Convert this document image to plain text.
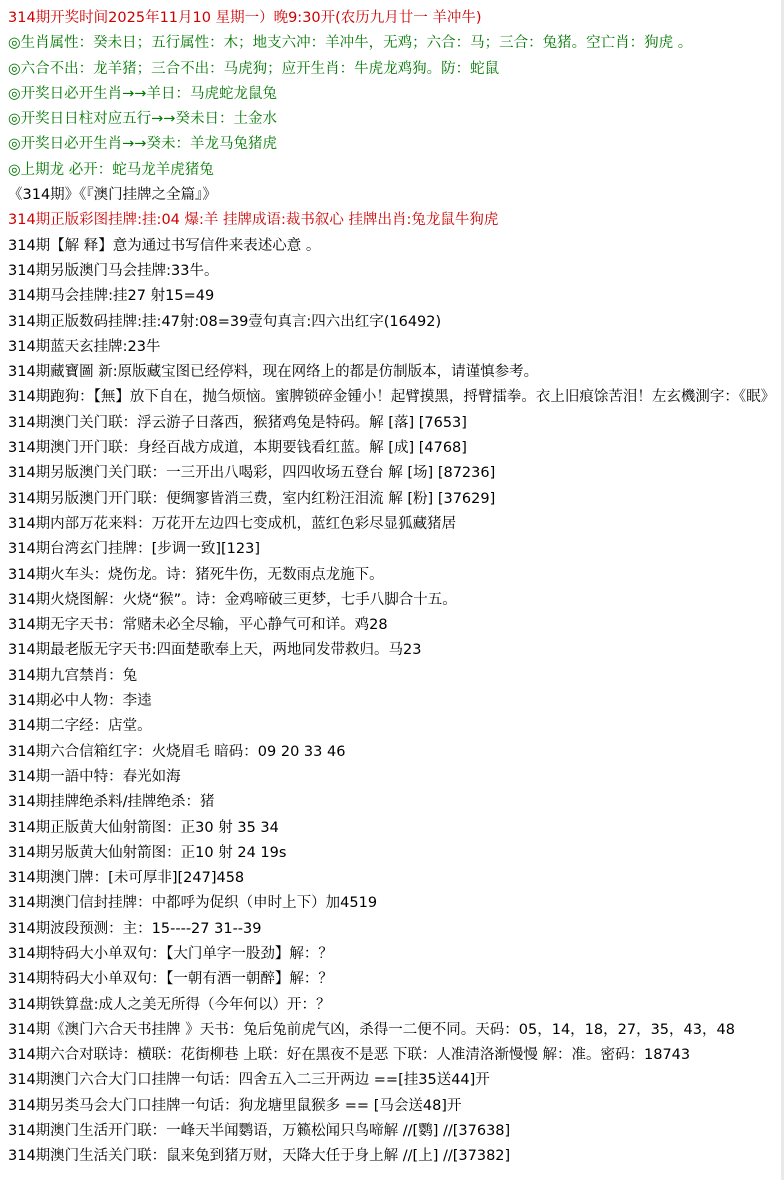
314期开奖时间2025年11月10 星期一）晚9:30开(农历九月廿一 羊冲牛)
◎生肖属性：癸未日；五行属性：木；地支六冲：羊冲牛，无鸡；六合：马；三合：兔猪。空亡肖：狗虎 。
◎六合不出：龙羊猪；三合不出：马虎狗；应开生肖：牛虎龙鸡狗。防：蛇鼠
◎开奖日必开生肖→→羊日：马虎蛇龙鼠兔
◎开奖日日柱对应五行→→癸未日：土金水
◎开奖日必开生肖→→癸未：羊龙马兔猪虎
◎上期龙 必开：蛇马龙羊虎猪兔
《314期》《『澳门挂牌之全篇』》
314期正版彩图挂牌:挂:04 爆:羊 挂牌成语:裁书叙心 挂牌出肖:兔龙鼠牛狗虎
314期【解 释】意为通过书写信件来表述心意 。
314期另版澳门马会挂牌:33牛。
314期马会挂牌:挂27 射15=49
314期正版数码挂牌:挂:47射:08=39壹句真言:四六出红字(16492)
314期蓝天玄挂牌:23牛
314期藏寶圖 新:原版藏宝图已经停料，现在网络上的都是仿制版本，请谨慎参考。
314期跑狗：【無】放下自在，抛刍烦恼。蜜脾锁碎金锺小！起臂摸黑，捋臂擂拳。衣上旧痕馀苦泪！左玄機測字：《眠》
314期澳门关门联：浮云游子日落西，猴猪鸡兔是特码。解 [落] [7653]
314期澳门开门联：身经百战方成道，本期要钱看红蓝。解 [成] [4768]
314期另版澳门关门联：一三开出八喝彩，四四收场五登台 解 [场] [87236]
314期另版澳门开门联：便绸寥皆消三费，室内红粉汪泪流 解 [粉] [37629]
314期内部万花来料：万花开左边四七变成机，蓝红色彩尽显狐藏猪居
314期台湾玄门挂牌：[步调一致][123]
314期火车头：烧伤龙。诗：猪死牛伤，无数雨点龙施下。
314期火烧图解：火烧“猴”。诗：金鸡啼破三更梦，七手八脚合十五。
314期无字天书：常赌未必全尽输，平心静气可和详。鸡28
314期最老版无字天书:四面楚歌奉上天，两地同发带救归。马23
314期九宫禁肖：兔
314期必中人物：李逵
314期二字经：店堂。
314期六合信箱红字：火烧眉毛 暗码：09 20 33 46
314期一語中特：春光如海
314期挂牌绝杀料/挂牌绝杀：猪
314期正版黄大仙射箭图：正30 射 35 34
314期另版黄大仙射箭图：正10 射 24 19s
314期澳门牌：[未可厚非][247]458
314期澳门信封挂牌：中都呼为促织（申时上下）加4519
314期波段预测：主：15----27 31--39
314期特码大小单双句：【大门单字一股劲】解：？
314期特码大小单双句：【一朝有酒一朝醉】解：？
314期铁算盘:成人之美无所得（今年何以）开：？
314期《澳门六合天书挂牌 》天书：兔后兔前虎气凶，杀得一二便不同。天码：05，14，18，27，35，43，48
314期六合对联诗：横联：花街柳巷 上联：好在黑夜不是恶 下联：人准清洛渐慢慢 解：准。密码：18743
314期澳门六合大门口挂牌一句话：四舍五入二三开两边 ==[挂35送44]开
314期另类马会大门口挂牌一句话：狗龙塘里鼠猴多 == [马会送48]开
314期澳门生活开门联：一峰天半闻鹦语，万籁松闻只鸟啼解 //[鹦] //[37638]
314期澳门生活关门联：鼠来兔到猪万财，天降大任于身上解 //[上] //[37382]
